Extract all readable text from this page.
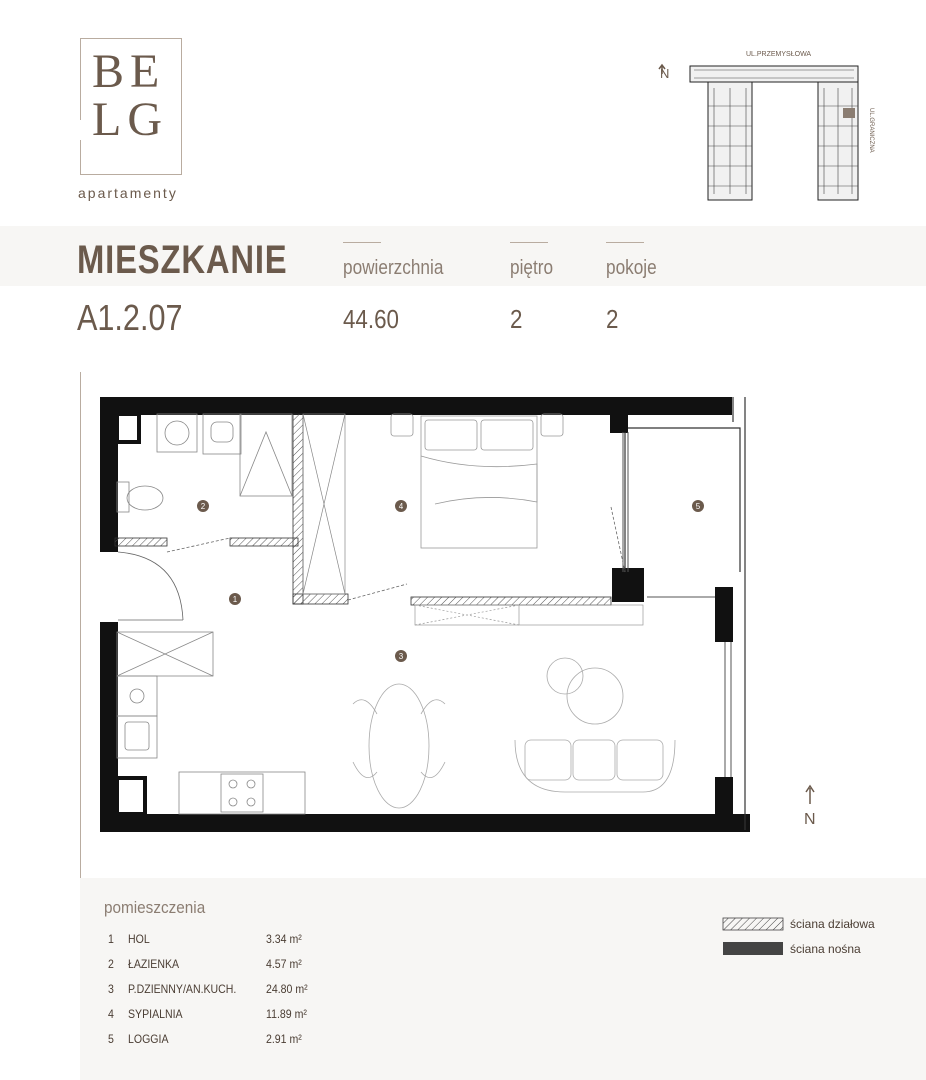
BE
LG
apartamenty
N
UL.PRZEMYSŁOWA
UL.GRANICZNA
MIESZKANIE
A1.2.07
powierzchnia	piętro	pokoje
44.60	2	2
2
1
4
3
5
N
pomieszczenia
1 HOL	3.34 m²
2 ŁAZIENKA	4.57 m²
3 P.DZIENNY/AN.KUCH. 24.80 m²
4 SYPIALNIA	11.89 m²
5 LOGGIA	2.91 m²
ściana działowa
ściana nośna
